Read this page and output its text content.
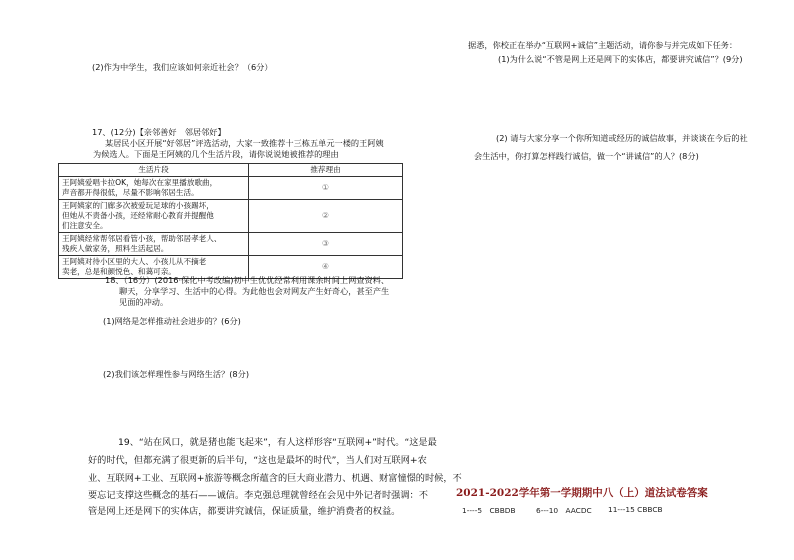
(2)作为中学生，我们应该如何亲近社会？（6分）
17、(12分)【亲邻善好　邻居邻好】
某居民小区开展“好邻居”评选活动，大家一致推荐十三栋五单元一楼的王阿姨
为候选人。下面是王阿姨的几个生活片段，请你说说她被推荐的理由
生活片段	推荐理由

王阿姨爱唱卡拉OK，她每次在家里播放歌曲，
声音都开得很低，尽量不影响邻居生活。	①

王阿姨家的门廊多次被爱玩足球的小孩踢坏，
但她从不责备小孩，还经常耐心教育并提醒他
们注意安全。	②

王阿姨经常帮邻居看管小孩，帮助邻居孝老人、
残疾人做家务，照料生活起居。	③

王阿姨对待小区里的大人、小孩儿从不摘老
卖老，总是和颜悦色、和蔼可亲。	④
18、（16分）(2016·保化中考改编)初中生优优经常利用课余时间上网查资料、
聊天，分享学习、生活中的心得。为此他也会对网友产生好奇心，甚至产生
见面的冲动。
(1)网络是怎样推动社会进步的？(6分)
(2)我们该怎样理性参与网络生活？(8分)
19、“站在风口，就是猪也能飞起来”，有人这样形容“互联网+”时代。“这是最
好的时代，但都充满了很更新的后半句，“这也是最坏的时代”，当人们对互联网+农
业、互联网+工业、互联网+旅游等概念所蕴含的巨大商业潜力、机遇、财富憧憬的时候，不
要忘记支撑这些概念的基石——诚信。李克强总理就曾经在会见中外记者时强调：不
管是网上还是网下的实体店，都要讲究诚信，保证质量，维护消费者的权益。
据悉，你校正在举办“互联网+诚信”主题活动，请你参与并完成如下任务：
(1)为什么说“不管是网上还是网下的实体店，都要讲究诚信”？(9分)
(2) 请与大家分享一个你所知道或经历的诚信故事，并谈谈在今后的社
会生活中，你打算怎样践行诚信，做一个“讲诚信”的人？(8分)
2021-2022学年第一学期期中八（上）道法试卷答案
1----5　CBBDB	6---10　AACDC 11---15 CBBCB
